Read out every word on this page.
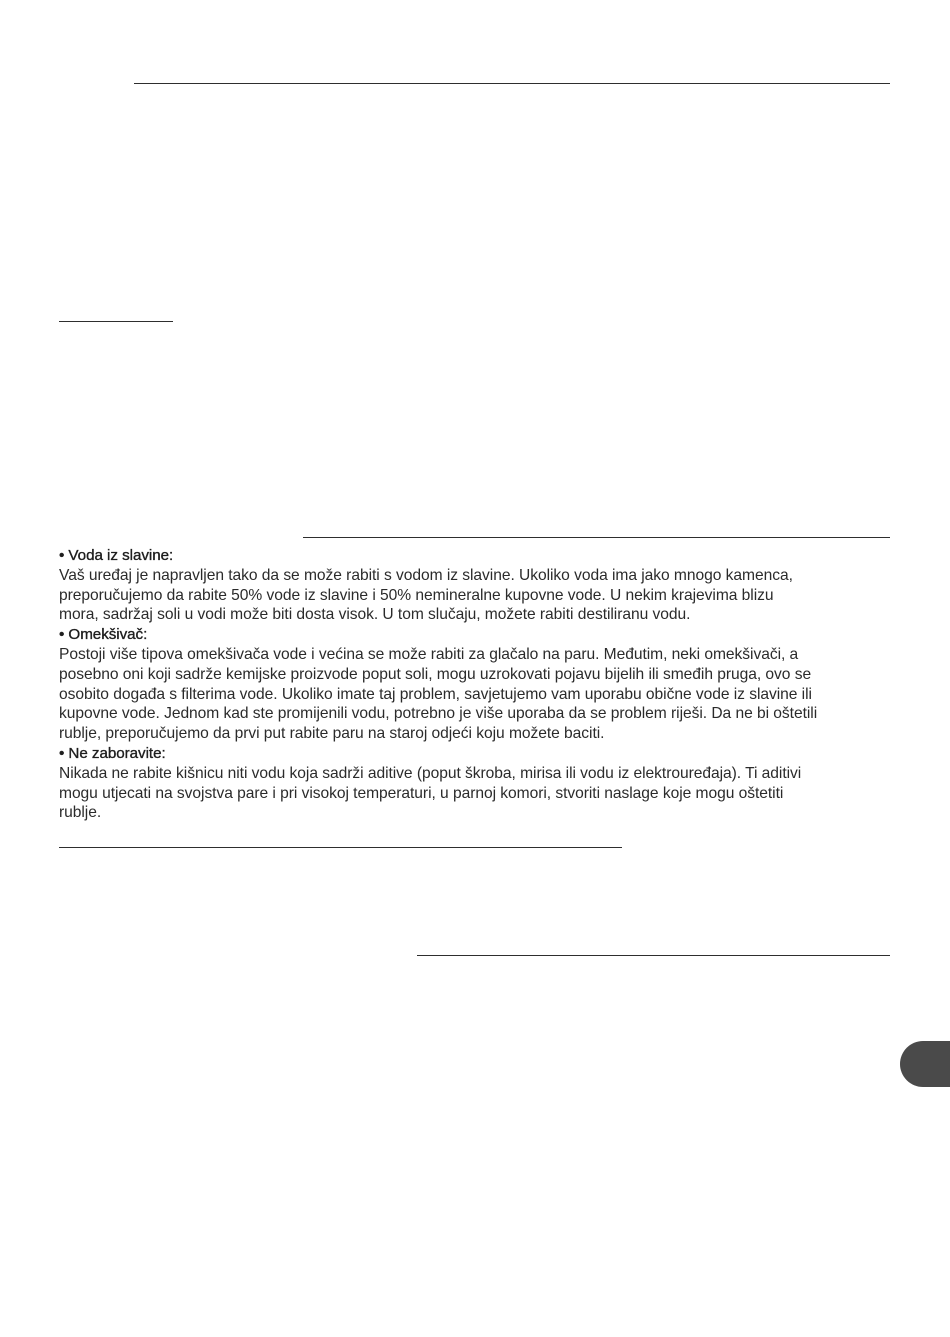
• Voda iz slavine:

Vaš uređaj je napravljen tako da se može rabiti s vodom iz slavine. Ukoliko voda ima jako mnogo kamenca,
preporučujemo da rabite 50% vode iz slavine i 50% nemineralne kupovne vode. U nekim krajevima blizu
mora, sadržaj soli u vodi može biti dosta visok. U tom slučaju, možete rabiti destiliranu vodu.

• Omekšivač:

Postoji više tipova omekšivača vode i većina se može rabiti za glačalo na paru. Međutim, neki omekšivači, a
posebno oni koji sadrže kemijske proizvode poput soli, mogu uzrokovati pojavu bijelih ili smeđih pruga, ovo se
osobito događa s filterima vode. Ukoliko imate taj problem, savjetujemo vam uporabu obične vode iz slavine ili
kupovne vode. Jednom kad ste promijenili vodu, potrebno je više uporaba da se problem riješi. Da ne bi oštetili
rublje, preporučujemo da prvi put rabite paru na staroj odjeći koju možete baciti.

• Ne zaboravite:

Nikada ne rabite kišnicu niti vodu koja sadrži aditive (poput škroba, mirisa ili vodu iz elektrouređaja). Ti aditivi
mogu utjecati na svojstva pare i pri visokoj temperaturi, u parnoj komori, stvoriti naslage koje mogu oštetiti
rublje.
